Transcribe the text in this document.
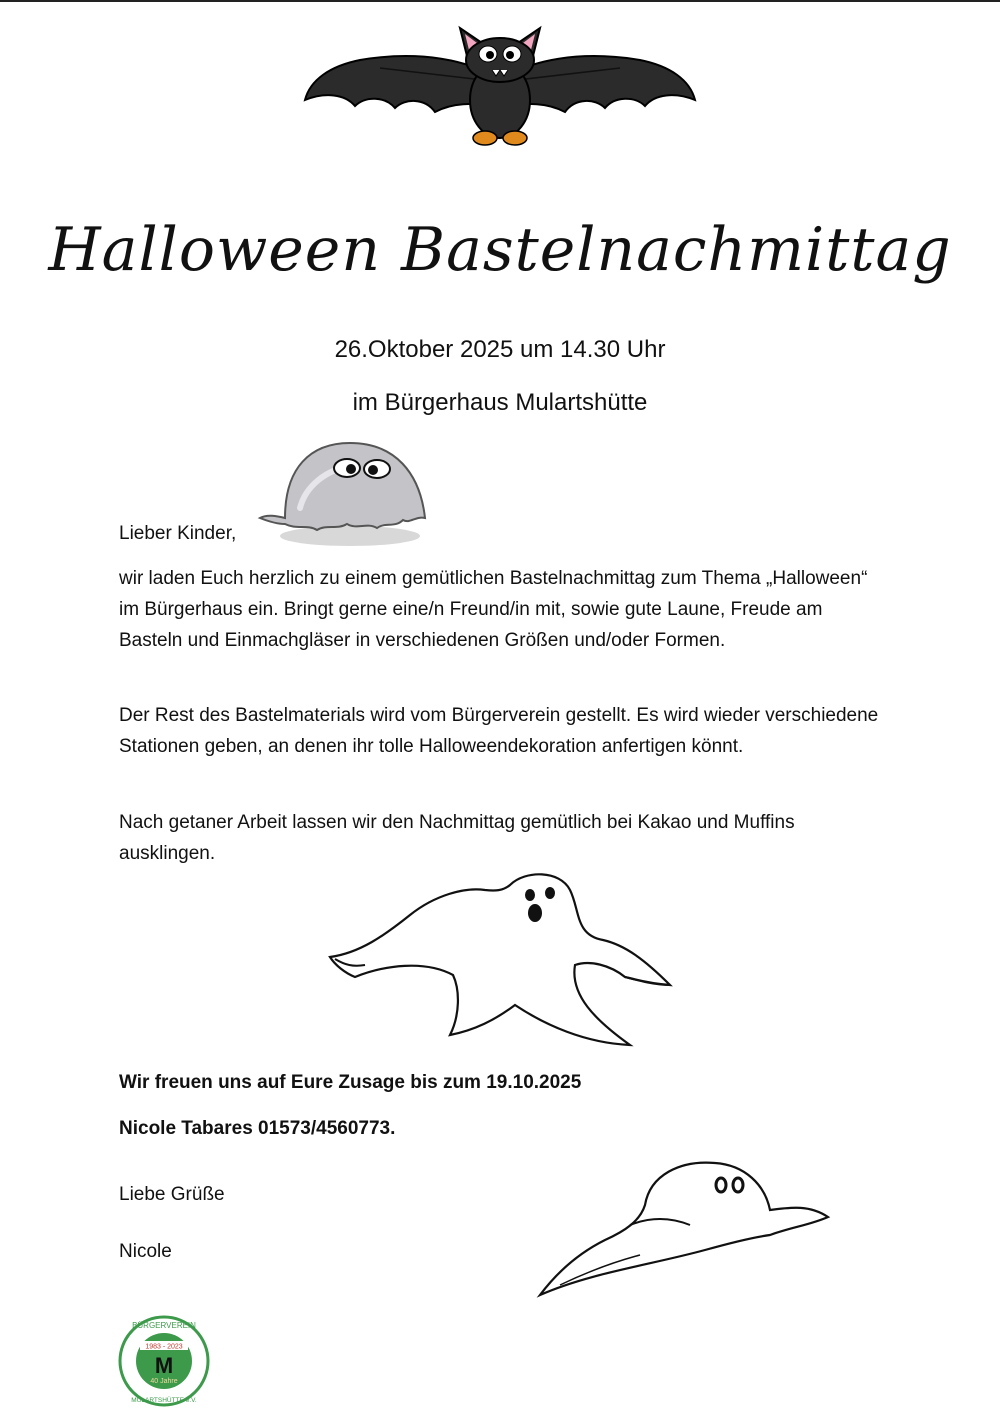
Halloween Bastelnachmittag
26.Oktober 2025 um 14.30 Uhr
im Bürgerhaus Mulartshütte

Lieber Kinder,

wir laden Euch herzlich zu einem gemütlichen Bastelnachmittag zum Thema „Halloween“ im Bürgerhaus ein. Bringt gerne eine/n Freund/in mit, sowie gute Laune, Freude am Basteln und Einmachgläser in verschiedenen Größen und/oder Formen.

Der Rest des Bastelmaterials wird vom Bürgerverein gestellt. Es wird wieder verschiedene Stationen geben, an denen ihr tolle Halloweendekoration anfertigen könnt.

Nach getaner Arbeit lassen wir den Nachmittag gemütlich bei Kakao und Muffins ausklingen.

Wir freuen uns auf Eure Zusage bis zum 19.10.2025

Nicole Tabares 01573/4560773.

Liebe Grüße

Nicole

1983 - 2023
M
40 Jahre
BÜRGERVEREIN
MULARTSHÜTTE e.V.
